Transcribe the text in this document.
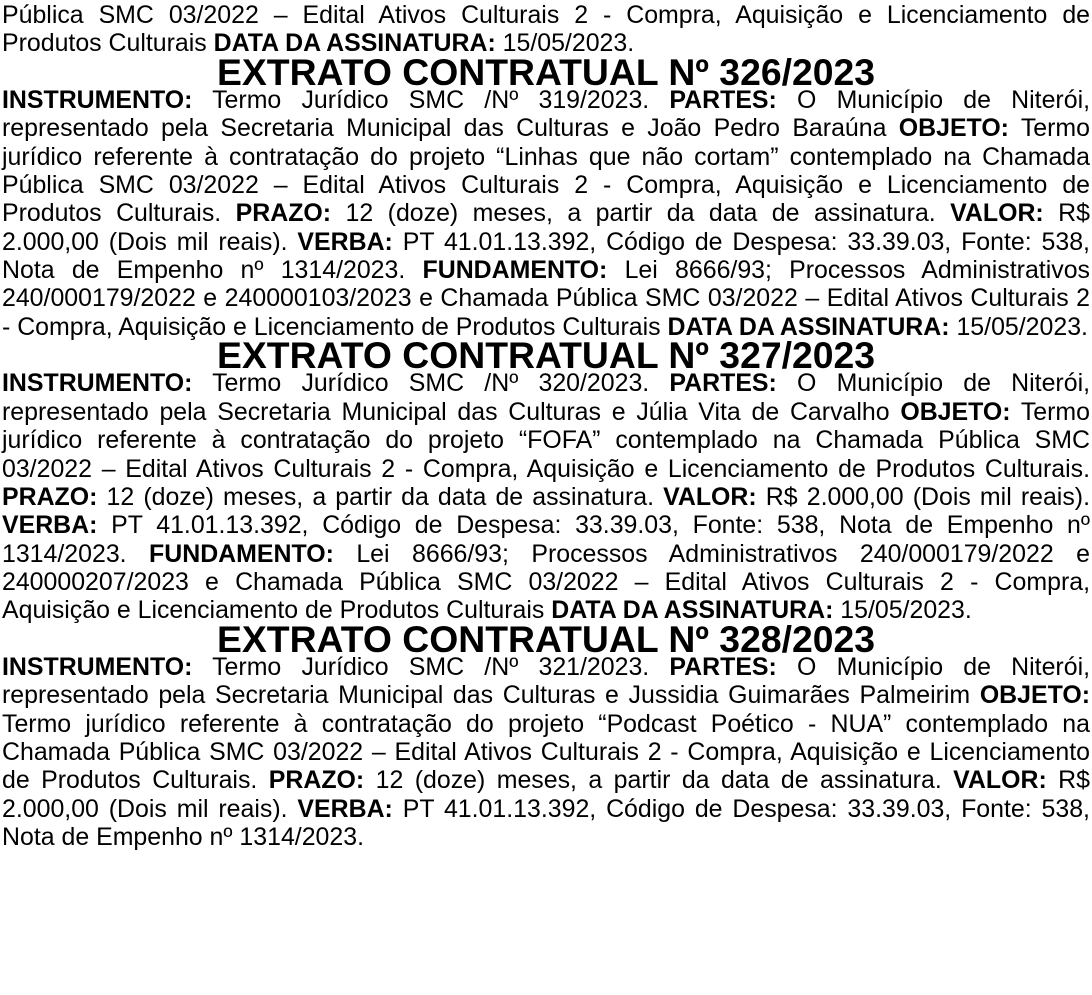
Pública SMC 03/2022 – Edital Ativos Culturais 2 - Compra, Aquisição e Licenciamento de Produtos Culturais DATA DA ASSINATURA: 15/05/2023.

EXTRATO CONTRATUAL Nº 326/2023

INSTRUMENTO: Termo Jurídico SMC /Nº 319/2023. PARTES: O Município de Niterói, representado pela Secretaria Municipal das Culturas e João Pedro Baraúna OBJETO: Termo jurídico referente à contratação do projeto “Linhas que não cortam” contemplado na Chamada Pública SMC 03/2022 – Edital Ativos Culturais 2 - Compra, Aquisição e Licenciamento de Produtos Culturais. PRAZO: 12 (doze) meses, a partir da data de assinatura. VALOR: R$ 2.000,00 (Dois mil reais). VERBA: PT 41.01.13.392, Código de Despesa: 33.39.03, Fonte: 538, Nota de Empenho nº 1314/2023. FUNDAMENTO: Lei 8666/93; Processos Administrativos 240/000179/2022 e 240000103/2023 e Chamada Pública SMC 03/2022 – Edital Ativos Culturais 2 - Compra, Aquisição e Licenciamento de Produtos Culturais DATA DA ASSINATURA: 15/05/2023.

EXTRATO CONTRATUAL Nº 327/2023

INSTRUMENTO: Termo Jurídico SMC /Nº 320/2023. PARTES: O Município de Niterói, representado pela Secretaria Municipal das Culturas e Júlia Vita de Carvalho OBJETO: Termo jurídico referente à contratação do projeto “FOFA” contemplado na Chamada Pública SMC 03/2022 – Edital Ativos Culturais 2 - Compra, Aquisição e Licenciamento de Produtos Culturais. PRAZO: 12 (doze) meses, a partir da data de assinatura. VALOR: R$ 2.000,00 (Dois mil reais). VERBA: PT 41.01.13.392, Código de Despesa: 33.39.03, Fonte: 538, Nota de Empenho nº 1314/2023. FUNDAMENTO: Lei 8666/93; Processos Administrativos 240/000179/2022 e 240000207/2023 e Chamada Pública SMC 03/2022 – Edital Ativos Culturais 2 - Compra, Aquisição e Licenciamento de Produtos Culturais DATA DA ASSINATURA: 15/05/2023.

EXTRATO CONTRATUAL Nº 328/2023

INSTRUMENTO: Termo Jurídico SMC /Nº 321/2023. PARTES: O Município de Niterói, representado pela Secretaria Municipal das Culturas e Jussidia Guimarães Palmeirim OBJETO: Termo jurídico referente à contratação do projeto “Podcast Poético - NUA” contemplado na Chamada Pública SMC 03/2022 – Edital Ativos Culturais 2 - Compra, Aquisição e Licenciamento de Produtos Culturais. PRAZO: 12 (doze) meses, a partir da data de assinatura. VALOR: R$ 2.000,00 (Dois mil reais). VERBA: PT 41.01.13.392, Código de Despesa: 33.39.03, Fonte: 538, Nota de Empenho nº 1314/2023.
